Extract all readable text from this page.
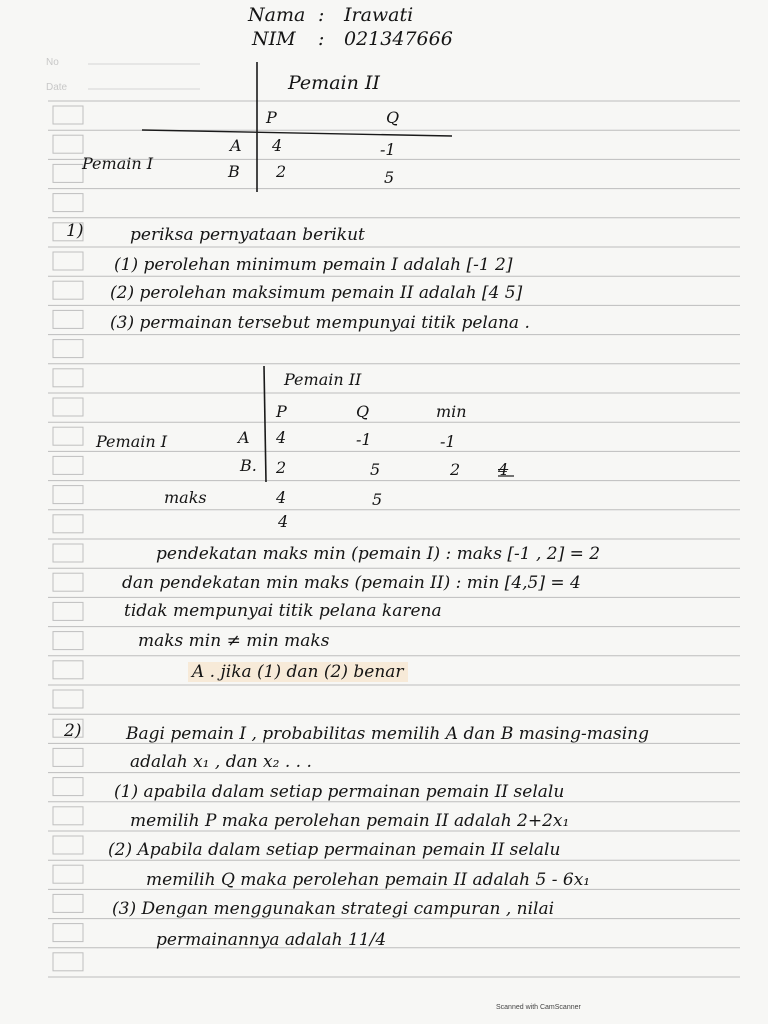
No
Date
Nama : Irawati
NIM : 021347666
Pemain II
P	Q
A 4	-1
Pemain I	B 2	5
1)	periksa pernyataan berikut
(1) perolehan minimum pemain I adalah [-1 2]
(2) perolehan maksimum pemain II adalah [4 5]
(3) permainan tersebut mempunyai titik pelana .
Pemain II
P	Q	min
Pemain I	A 4	-1	-1
B. 2	5	2 4
maks	4	5
4
pendekatan maks min (pemain I) : maks [-1 , 2] = 2
dan pendekatan min maks (pemain II) : min [4,5] = 4
tidak mempunyai titik pelana karena
maks min ≠ min maks
A . jika (1) dan (2) benar
2)	Bagi pemain I , probabilitas memilih A dan B masing-masing
adalah x₁ , dan x₂ . . .
(1) apabila dalam setiap permainan pemain II selalu
memilih P maka perolehan pemain II adalah 2+2x₁
(2) Apabila dalam setiap permainan pemain II selalu
memilih Q maka perolehan pemain II adalah 5 - 6x₁
(3) Dengan menggunakan strategi campuran , nilai
permainannya adalah 11/4
Scanned with CamScanner
